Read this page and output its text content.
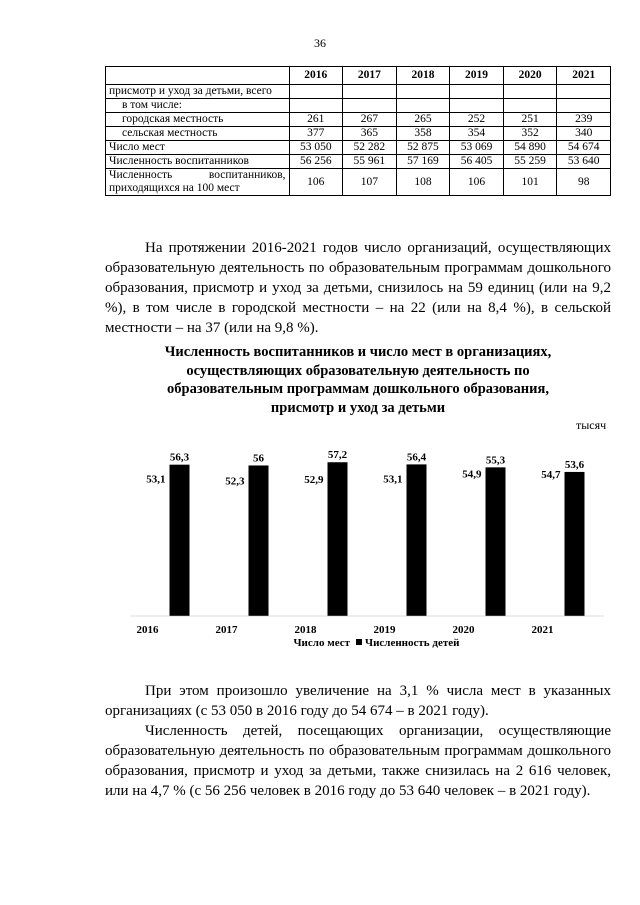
36
	2016	2017	2018	2019	2020	2021
присмотр и уход за детьми, всего						
в том числе:						
городская местность	261	267	265	252	251	239
сельская местность	377	365	358	354	352	340
Число мест	53 050	52 282	52 875	53 069	54 890	54 674
Численность воспитанников	56 256	55 961	57 169	56 405	55 259	53 640
Численность воспитанников, приходящихся на 100 мест	106	107	108	106	101	98

На протяжении 2016-2021 годов число организаций, осуществляющих образовательную деятельность по образовательным программам дошкольного образования, присмотр и уход за детьми, снизилось на 59 единиц (или на 9,2 %), в том числе в городской местности – на 22 (или на 8,4 %), в сельской местности – на 37 (или на 9,8 %).

Численность воспитанников и число мест в организациях,
осуществляющих образовательную деятельность по
образовательным программам дошкольного образования,
присмотр и уход за детьми
тысяч
53,1
56,3
2016
52,3
56
2017
52,9
57,2
2018
53,1
56,4
2019
54,9
55,3
2020
54,7
53,6
2021
Число мест Численность детей

При этом произошло увеличение на 3,1 % числа мест в указанных организациях (с 53 050 в 2016 году до 54 674 – в 2021 году).

Численность детей, посещающих организации, осуществляющие образовательную деятельность по образовательным программам дошкольного образования, присмотр и уход за детьми, также снизилась на 2 616 человек, или на 4,7 % (с 56 256 человек в 2016 году до 53 640 человек – в 2021 году).
